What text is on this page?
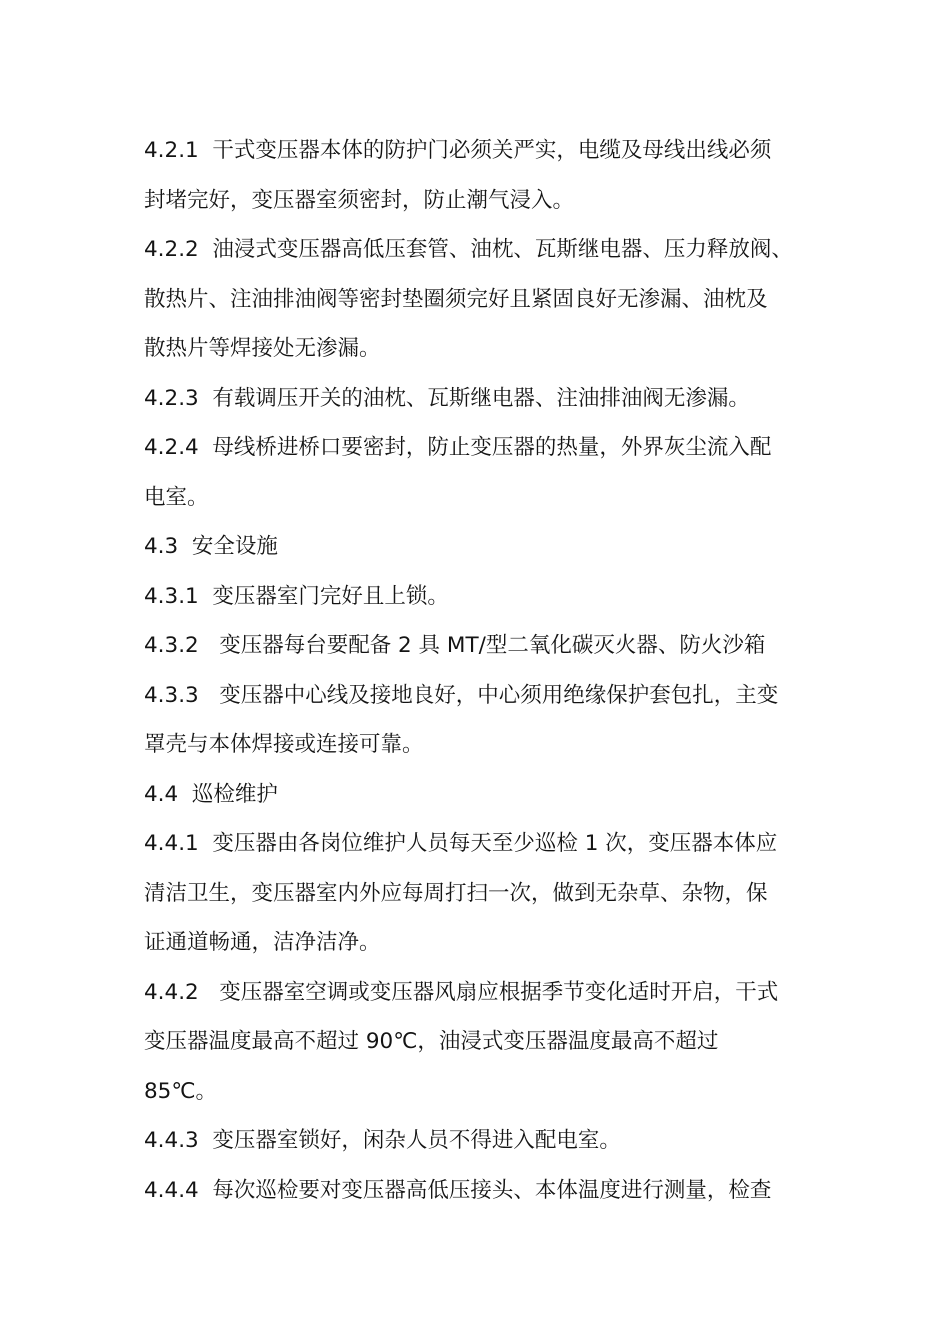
4.2.1  干式变压器本体的防护门必须关严实，电缆及母线出线必须
封堵完好，变压器室须密封，防止潮气浸入。
4.2.2  油浸式变压器高低压套管、油枕、瓦斯继电器、压力释放阀、
散热片、注油排油阀等密封垫圈须完好且紧固良好无渗漏、油枕及
散热片等焊接处无渗漏。
4.2.3  有载调压开关的油枕、瓦斯继电器、注油排油阀无渗漏。
4.2.4  母线桥进桥口要密封，防止变压器的热量，外界灰尘流入配
电室。
4.3  安全设施
4.3.1  变压器室门完好且上锁。
4.3.2   变压器每台要配备 2 具 MT/型二氧化碳灭火器、防火沙箱
4.3.3   变压器中心线及接地良好，中心须用绝缘保护套包扎，主变
罩壳与本体焊接或连接可靠。
4.4  巡检维护
4.4.1  变压器由各岗位维护人员每天至少巡检 1 次，变压器本体应
清洁卫生，变压器室内外应每周打扫一次，做到无杂草、杂物，保
证通道畅通，洁净洁净。
4.4.2   变压器室空调或变压器风扇应根据季节变化适时开启，干式
变压器温度最高不超过 90℃，油浸式变压器温度最高不超过
85℃。
4.4.3  变压器室锁好，闲杂人员不得进入配电室。
4.4.4  每次巡检要对变压器高低压接头、本体温度进行测量，检查
